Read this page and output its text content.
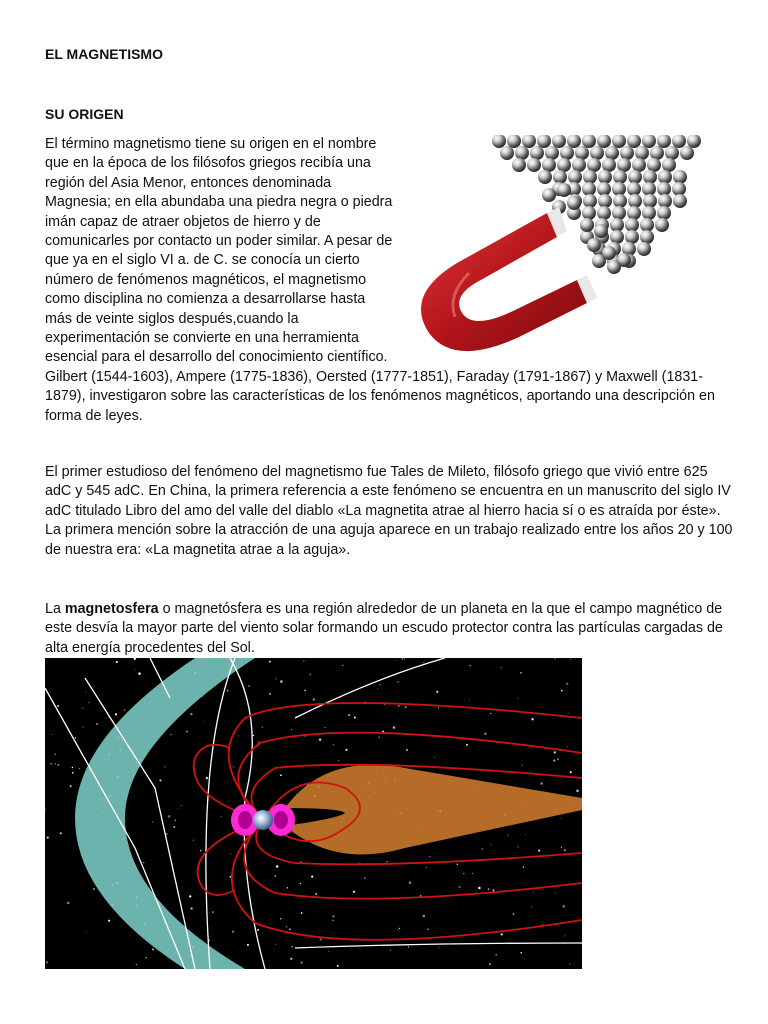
EL MAGNETISMO
SU ORIGEN
El término magnetismo tiene su origen en el nombre que en la época de los filósofos griegos recibía una región del Asia Menor, entonces denominada Magnesia; en ella abundaba una piedra negra o piedra imán capaz de atraer objetos de hierro y de comunicarles por contacto un poder similar. A pesar de que ya en el siglo VI a. de C. se conocía un cierto número de fenómenos magnéticos, el magnetismo como disciplina no comienza a desarrollarse hasta más de veinte siglos después,cuando la experimentación se convierte en una herramienta esencial para el desarrollo del conocimiento científico. Gilbert (1544-1603), Ampere (1775-1836), Oersted (1777-1851), Faraday (1791-1867) y Maxwell (1831-1879), investigaron sobre las características de los fenómenos magnéticos, aportando una descripción en forma de leyes.

El primer estudioso del fenómeno del magnetismo fue Tales de Mileto, filósofo griego que vivió entre 625 adC y 545 adC. En China, la primera referencia a este fenómeno se encuentra en un manuscrito del siglo IV adC titulado Libro del amo del valle del diablo «La magnetita atrae al hierro hacia sí o es atraída por éste». La primera mención sobre la atracción de una aguja aparece en un trabajo realizado entre los años 20 y 100 de nuestra era: «La magnetita atrae a la aguja».

La magnetosfera o magnetósfera es una región alrededor de un planeta en la que el campo magnético de este desvía la mayor parte del viento solar formando un escudo protector contra las partículas cargadas de alta energía procedentes del Sol.
